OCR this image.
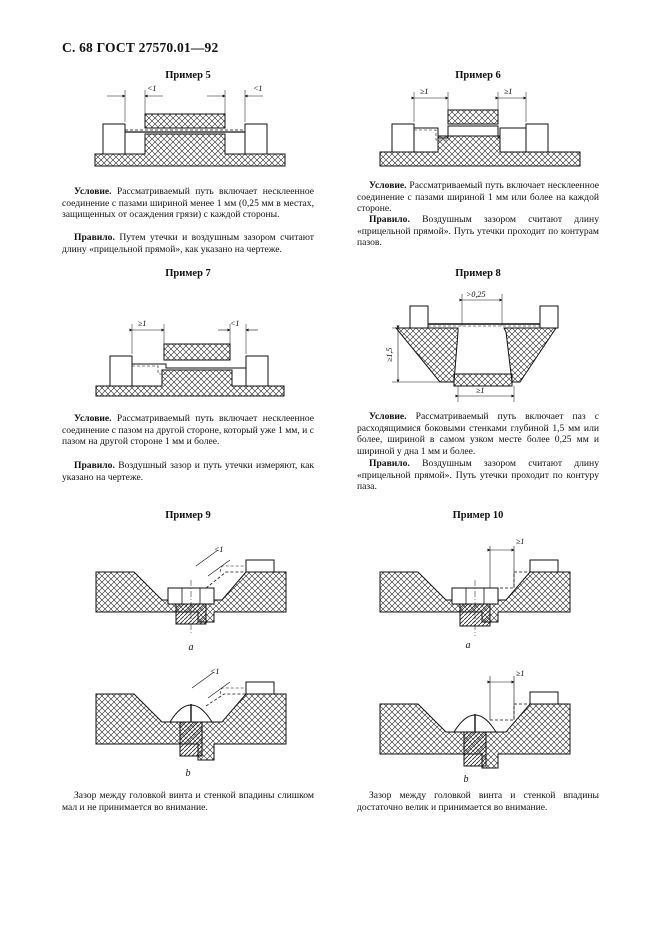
С. 68 ГОСТ 27570.01—92
Пример 5
<1	<1

Условие. Рассматриваемый путь включает несклеенное соединение с пазами шириной менее 1 мм (0,25 мм в местах, защищенных от осаждения грязи) с каждой стороны.

Правило. Путем утечки и воздушным зазором считают длину «прицельной прямой», как указано на чертеже.

Пример 6
≥1	≥1

Условие. Рассматриваемый путь включает несклеенное соединение с пазами шириной 1 мм или более на каждой стороне.

Правило. Воздушным зазором считают длину «прицельной прямой». Путь утечки проходит по контурам пазов.

Пример 7
≥1	<1

Условие. Рассматриваемый путь включает несклеенное соединение с пазом на другой стороне, который уже 1 мм, и с пазом на другой стороне 1 мм и более.

Правило. Воздушный зазор и путь утечки измеряют, как указано на чертеже.

Пример 8
>0,25
≥1,5
≥1

Условие. Рассматриваемый путь включает паз с расходящимися боковыми стенками глубиной 1,5 мм или более, шириной в самом узком месте более 0,25 мм и шириной у дна 1 мм и более.

Правило. Воздушным зазором считают длину «прицельной прямой». Путь утечки проходит по контуру паза.

Пример 9
<1
a
<1
b

Зазор между головкой винта и стенкой впадины слишком мал и не принимается во внимание.

Пример 10
≥1
a
≥1
b

Зазор между головкой винта и стенкой впадины достаточно велик и принимается во внимание.
